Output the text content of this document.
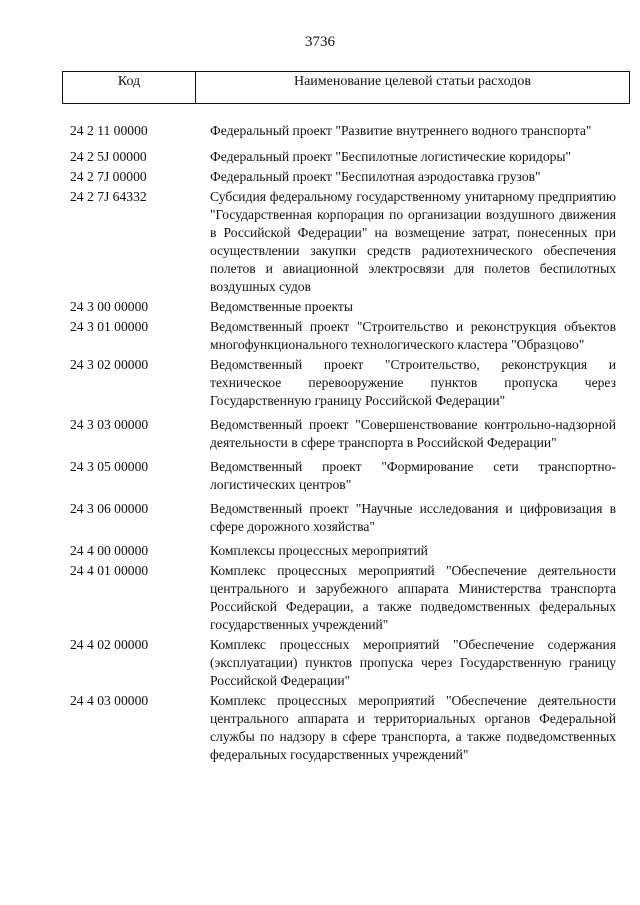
3736
Код	Наименование целевой статьи расходов
24 2 11 00000	Федеральный проект "Развитие внутреннего водного транспорта"
24 2 5J 00000	Федеральный проект "Беспилотные логистические коридоры"
24 2 7J 00000	Федеральный проект "Беспилотная аэродоставка грузов"
24 2 7J 64332	Субсидия федеральному государственному унитарному предприятию "Государственная корпорация по организации воздушного движения в Российской Федерации" на возмещение затрат, понесенных при осуществлении закупки средств радиотехнического обеспечения полетов и авиационной электросвязи для полетов беспилотных воздушных судов
24 3 00 00000	Ведомственные проекты
24 3 01 00000	Ведомственный проект "Строительство и реконструкция объектов многофункционального технологического кластера "Образцово"
24 3 02 00000	Ведомственный проект "Строительство, реконструкция и техническое перевооружение пунктов пропуска через Государственную границу Российской Федерации"
24 3 03 00000	Ведомственный проект "Совершенствование контрольно-надзорной деятельности в сфере транспорта в Российской Федерации"
24 3 05 00000	Ведомственный проект "Формирование сети транспортно-логистических центров"
24 3 06 00000	Ведомственный проект "Научные исследования и цифровизация в сфере дорожного хозяйства"
24 4 00 00000	Комплексы процессных мероприятий
24 4 01 00000	Комплекс процессных мероприятий "Обеспечение деятельности центрального и зарубежного аппарата Министерства транспорта Российской Федерации, а также подведомственных федеральных государственных учреждений"
24 4 02 00000	Комплекс процессных мероприятий "Обеспечение содержания (эксплуатации) пунктов пропуска через Государственную границу Российской Федерации"
24 4 03 00000	Комплекс процессных мероприятий "Обеспечение деятельности центрального аппарата и территориальных органов Федеральной службы по надзору в сфере транспорта, а также подведомственных федеральных государственных учреждений"
